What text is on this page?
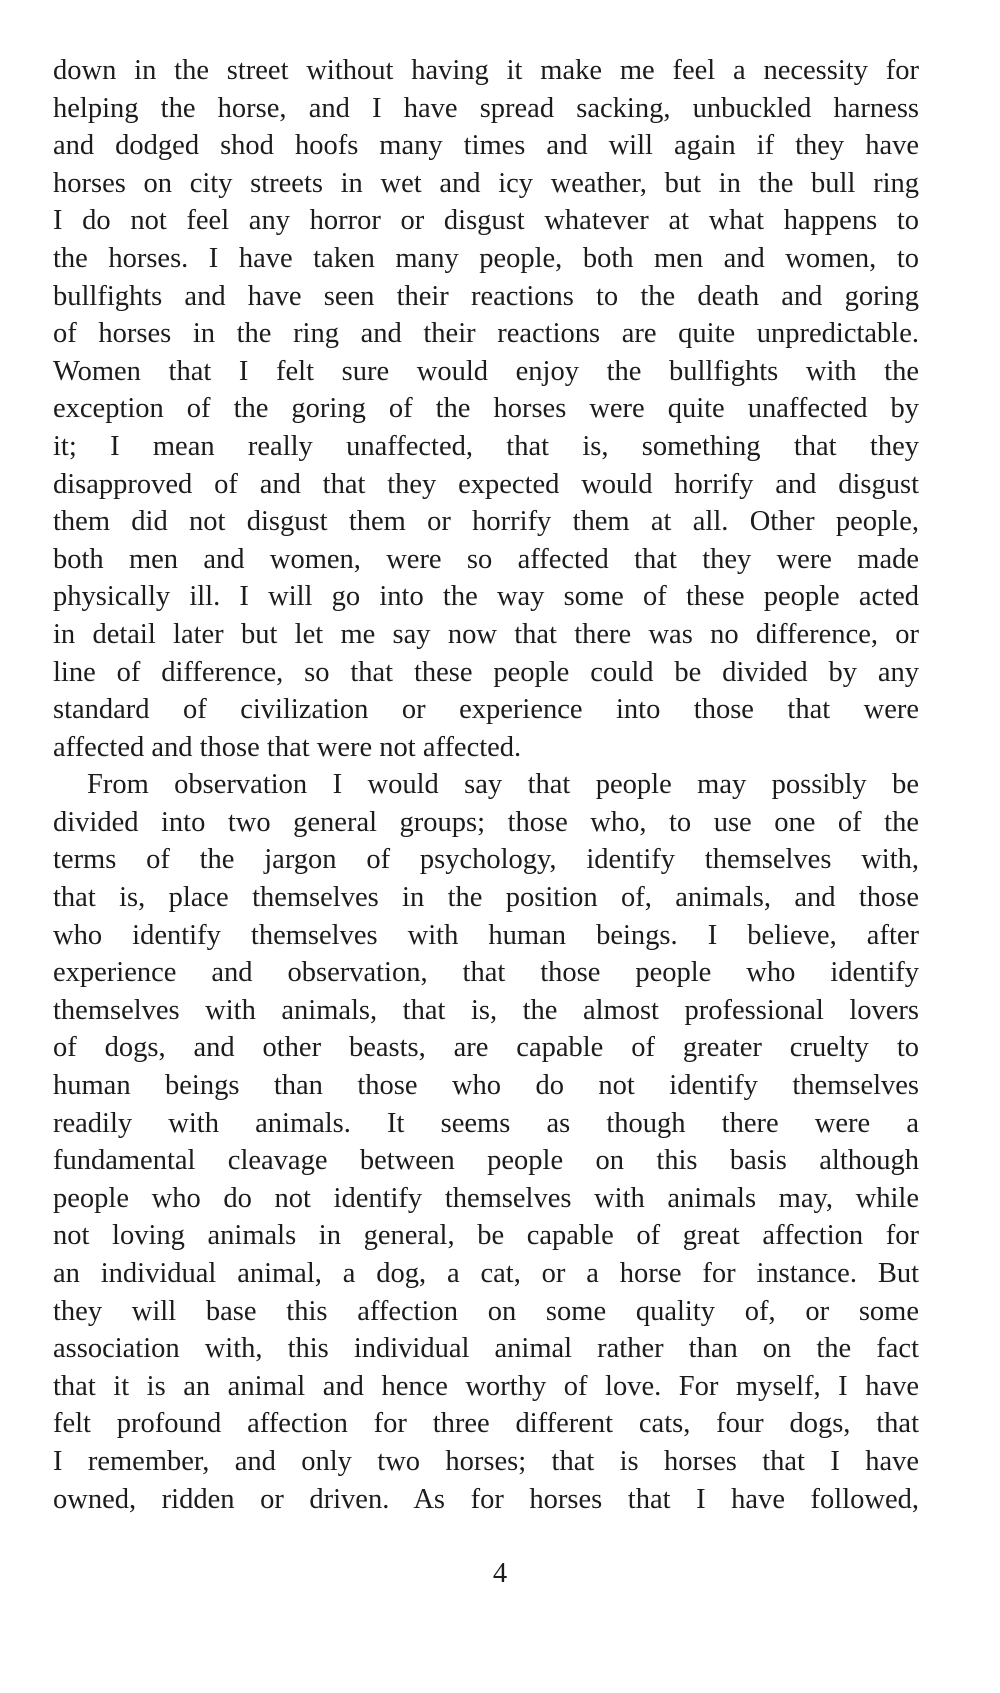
down in the street without having it make me feel a necessity for
helping the horse, and I have spread sacking, unbuckled harness
and dodged shod hoofs many times and will again if they have
horses on city streets in wet and icy weather, but in the bull ring
I do not feel any horror or disgust whatever at what happens to
the horses. I have taken many people, both men and women, to
bullfights and have seen their reactions to the death and goring
of horses in the ring and their reactions are quite unpredictable.
Women that I felt sure would enjoy the bullfights with the
exception of the goring of the horses were quite unaffected by
it; I mean really unaffected, that is, something that they
disapproved of and that they expected would horrify and disgust
them did not disgust them or horrify them at all. Other people,
both men and women, were so affected that they were made
physically ill. I will go into the way some of these people acted
in detail later but let me say now that there was no difference, or
line of difference, so that these people could be divided by any
standard of civilization or experience into those that were
affected and those that were not affected.
From observation I would say that people may possibly be
divided into two general groups; those who, to use one of the
terms of the jargon of psychology, identify themselves with,
that is, place themselves in the position of, animals, and those
who identify themselves with human beings. I believe, after
experience and observation, that those people who identify
themselves with animals, that is, the almost professional lovers
of dogs, and other beasts, are capable of greater cruelty to
human beings than those who do not identify themselves
readily with animals. It seems as though there were a
fundamental cleavage between people on this basis although
people who do not identify themselves with animals may, while
not loving animals in general, be capable of great affection for
an individual animal, a dog, a cat, or a horse for instance. But
they will base this affection on some quality of, or some
association with, this individual animal rather than on the fact
that it is an animal and hence worthy of love. For myself, I have
felt profound affection for three different cats, four dogs, that
I remember, and only two horses; that is horses that I have
owned, ridden or driven. As for horses that I have followed,
4
